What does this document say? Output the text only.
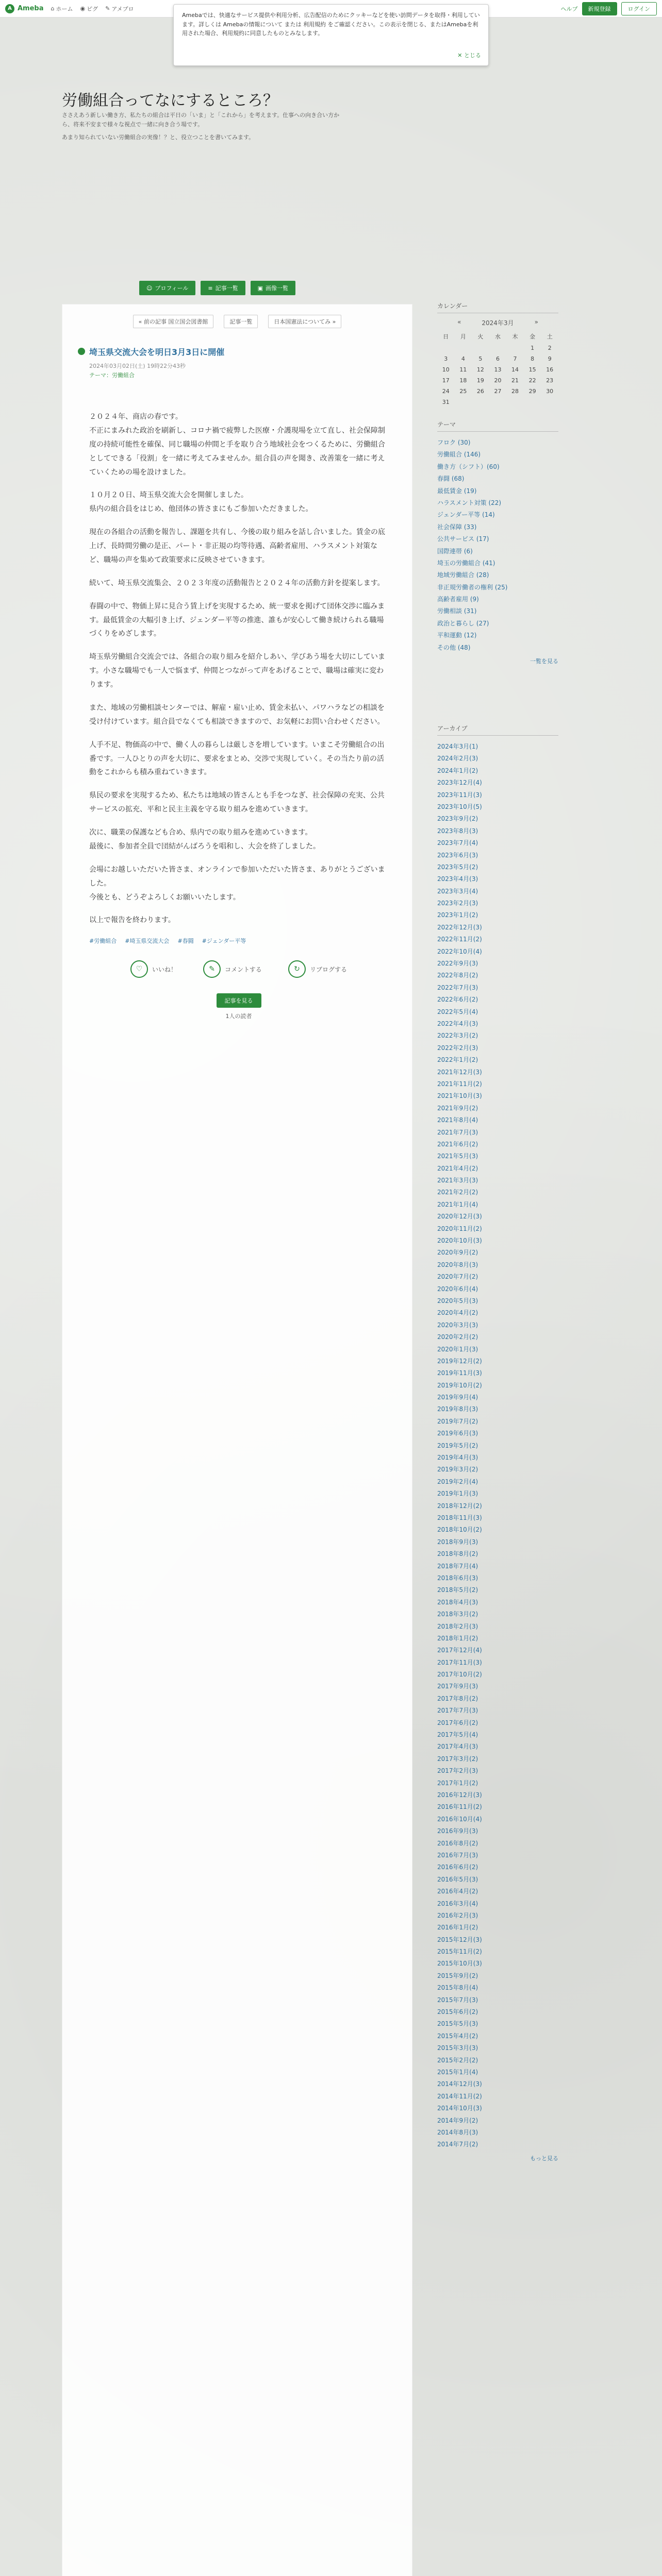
A Ameba ⌂ ホーム ◉ ピグ ✎ アメブロ	ヘルプ	新規登録	ログイン

Amebaでは、快適なサービス提供や利用分析、広告配信のためにクッキーなどを使い訪問データを取得・利用しています。詳しくは Amebaの情報について または 利用規約 をご確認ください。この表示を閉じる、またはAmebaを利用された場合、利用規約に同意したものとみなします。

✕ とじる
労働組合ってなにするところ？
ささえあう新しい働き方、私たちの組合は平日の「いま」と「これから」を考えます。仕事への向き合い方から、将来不安まで様々な視点で一緒に向き合う場です。
あまり知られていない労働組合の実像！？と、役立つことを書いてみます。
☺ プロフィール	≡ 記事一覧	▣ 画像一覧
« 前の記事 国立国会図書館	記事一覧	日本国憲法についてみ »
埼玉県交流大会を明日3月3日に開催
2024年03月02日(土) 19時22分43秒
テーマ：労働組合

２０２４年、商店の春です。
不正にまみれた政治を刷新し、コロナ禍で疲弊した医療・介護現場を立て直し、社会保障制度の持続可能性を確保、同じ職場の仲間と手を取り合う地域社会をつくるために、労働組合としてできる「役割」を一緒に考えてみませんか。組合員の声を聞き、改善策を一緒に考えていくための場を設けました。

１０月２０日、埼玉県交流大会を開催しました。
県内の組合員をはじめ、他団体の皆さまにもご参加いただきました。

現在の各組合の活動を報告し、課題を共有し、今後の取り組みを話し合いました。賃金の底上げ、長時間労働の是正、パート・非正規の均等待遇、高齢者雇用、ハラスメント対策など、職場の声を集めて政策要求に反映させていきます。

続いて、埼玉県交流集会、２０２３年度の活動報告と２０２４年の活動方針を提案します。

春闘の中で、物価上昇に見合う賃上げを実現するため、統一要求を掲げて団体交渉に臨みます。最低賃金の大幅引き上げ、ジェンダー平等の推進、誰もが安心して働き続けられる職場づくりをめざします。

埼玉県労働組合交流会では、各組合の取り組みを紹介しあい、学びあう場を大切にしています。小さな職場でも一人で悩まず、仲間とつながって声をあげることで、職場は確実に変わります。

また、地域の労働相談センターでは、解雇・雇い止め、賃金未払い、パワハラなどの相談を受け付けています。組合員でなくても相談できますので、お気軽にお問い合わせください。

人手不足、物価高の中で、働く人の暮らしは厳しさを増しています。いまこそ労働組合の出番です。一人ひとりの声を大切に、要求をまとめ、交渉で実現していく。その当たり前の活動をこれからも積み重ねていきます。

県民の要求を実現するため、私たちは地域の皆さんとも手をつなぎ、社会保障の充実、公共サービスの拡充、平和と民主主義を守る取り組みを進めていきます。

次に、職業の保護なども合め、県内での取り組みを進めていきます。
最後に、参加者全員で団結がんばろうを唱和し、大会を終了しました。

会場にお越しいただいた皆さま、オンラインで参加いただいた皆さま、ありがとうございました。
今後とも、どうぞよろしくお願いいたします。

以上で報告を終わります。

#労働組合 #埼玉県交流大会 #春闘 #ジェンダー平等
♡	いいね！	✎	コメントする	↻	リブログする
記事を見る
1人の読者
カレンダー
«	2024年3月	»
日	月	火	水	木	金	土
					1	2
3	4	5	6	7	8	9
10	11	12	13	14	15	16
17	18	19	20	21	22	23
24	25	26	27	28	29	30
31						
テーマ
フロク (30)
労働組合 (146)
働き方（シフト）(60)
春闘 (68)
最低賃金 (19)
ハラスメント対策 (22)
ジェンダー平等 (14)
社会保障 (33)
公共サービス (17)
国際連帯 (6)
埼玉の労働組合 (41)
地域労働組合 (28)
非正規労働者の権利 (25)
高齢者雇用 (9)
労働相談 (31)
政治と暮らし (27)
平和運動 (12)
その他 (48)
一覧を見る
アーカイブ
2024年3月(1)
2024年2月(3)
2024年1月(2)
2023年12月(4)
2023年11月(3)
2023年10月(5)
2023年9月(2)
2023年8月(3)
2023年7月(4)
2023年6月(3)
2023年5月(2)
2023年4月(3)
2023年3月(4)
2023年2月(3)
2023年1月(2)
2022年12月(3)
2022年11月(2)
2022年10月(4)
2022年9月(3)
2022年8月(2)
2022年7月(3)
2022年6月(2)
2022年5月(4)
2022年4月(3)
2022年3月(2)
2022年2月(3)
2022年1月(2)
2021年12月(3)
2021年11月(2)
2021年10月(3)
2021年9月(2)
2021年8月(4)
2021年7月(3)
2021年6月(2)
2021年5月(3)
2021年4月(2)
2021年3月(3)
2021年2月(2)
2021年1月(4)
2020年12月(3)
2020年11月(2)
2020年10月(3)
2020年9月(2)
2020年8月(3)
2020年7月(2)
2020年6月(4)
2020年5月(3)
2020年4月(2)
2020年3月(3)
2020年2月(2)
2020年1月(3)
2019年12月(2)
2019年11月(3)
2019年10月(2)
2019年9月(4)
2019年8月(3)
2019年7月(2)
2019年6月(3)
2019年5月(2)
2019年4月(3)
2019年3月(2)
2019年2月(4)
2019年1月(3)
2018年12月(2)
2018年11月(3)
2018年10月(2)
2018年9月(3)
2018年8月(2)
2018年7月(4)
2018年6月(3)
2018年5月(2)
2018年4月(3)
2018年3月(2)
2018年2月(3)
2018年1月(2)
2017年12月(4)
2017年11月(3)
2017年10月(2)
2017年9月(3)
2017年8月(2)
2017年7月(3)
2017年6月(2)
2017年5月(4)
2017年4月(3)
2017年3月(2)
2017年2月(3)
2017年1月(2)
2016年12月(3)
2016年11月(2)
2016年10月(4)
2016年9月(3)
2016年8月(2)
2016年7月(3)
2016年6月(2)
2016年5月(3)
2016年4月(2)
2016年3月(4)
2016年2月(3)
2016年1月(2)
2015年12月(3)
2015年11月(2)
2015年10月(3)
2015年9月(2)
2015年8月(4)
2015年7月(3)
2015年6月(2)
2015年5月(3)
2015年4月(2)
2015年3月(3)
2015年2月(2)
2015年1月(4)
2014年12月(3)
2014年11月(2)
2014年10月(3)
2014年9月(2)
2014年8月(3)
2014年7月(2)
もっと見る
